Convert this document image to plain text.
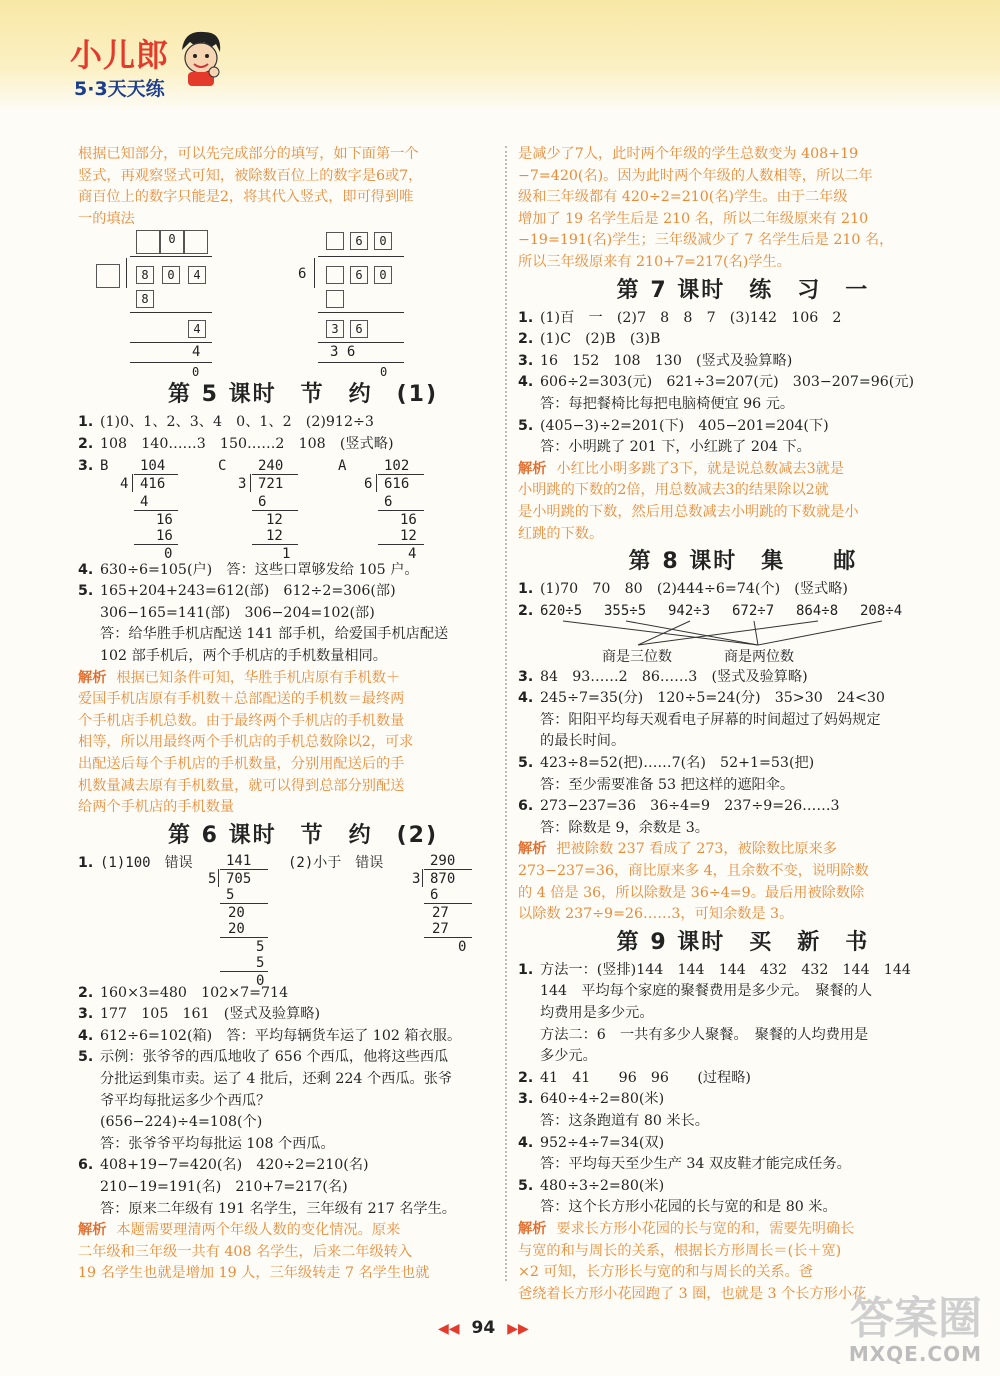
小儿郎
5·3天天练
根据已知部分，可以先完成部分的填写，如下面第一个
竖式，再观察竖式可知，被除数百位上的数字是6或7，
商百位上的数字只能是2，将其代入竖式，即可得到唯
一的填法
0
8	0	4
8
4
4
0
6	0
6	6	0
3	6
3 6
0
第 5 课时　节　约　(1)
1. (1)0、1、2、3、4　0、1、2　(2)912÷3
2. 108　140……3　150……2　108　(竖式略)
3. B 104
4 416
4
16
16
0
C 240
3 721
6
12
12
1
A	102
6 616
6
16
12
4
4. 630÷6=105(户)　答：这些口罩够发给 105 户。
5. 165+204+243=612(部)　612÷2=306(部)
306−165=141(部)　306−204=102(部)
答：给华胜手机店配送 141 部手机，给爱国手机店配送
102 部手机后，两个手机店的手机数量相同。
解析 根据已知条件可知，华胜手机店原有手机数＋
爱国手机店原有手机数＋总部配送的手机数＝最终两
个手机店手机总数。由于最终两个手机店的手机数量
相等，所以用最终两个手机店的手机总数除以2，可求
出配送后每个手机店的手机数量，分别用配送后的手
机数量减去原有手机数量，就可以得到总部分别配送
给两个手机店的手机数量
第 6 课时　节　约　(2)
1. (1)100　错误 141
5 705
5
20
20
5
5
0
(2)小于　错误	290
3 870
6
27
27
0
2. 160×3=480　102×7=714
3. 177　105　161　(竖式及验算略)
4. 612÷6=102(箱)　答：平均每辆货车运了 102 箱衣服。
5. 示例：张爷爷的西瓜地收了 656 个西瓜，他将这些西瓜
分批运到集市卖。运了 4 批后，还剩 224 个西瓜。张爷
爷平均每批运多少个西瓜？
(656−224)÷4=108(个)
答：张爷爷平均每批运 108 个西瓜。
6. 408+19−7=420(名)　420÷2=210(名)
210−19=191(名)　210+7=217(名)
答：原来二年级有 191 名学生，三年级有 217 名学生。
解析 本题需要理清两个年级人数的变化情况。原来
二年级和三年级一共有 408 名学生，后来二年级转入
19 名学生也就是增加 19 人，三年级转走 7 名学生也就
是减少了7人，此时两个年级的学生总数变为 408+19
−7=420(名)。因为此时两个年级的人数相等，所以二年
级和三年级都有 420÷2=210(名)学生。由于二年级
增加了 19 名学生后是 210 名，所以二年级原来有 210
−19=191(名)学生；三年级减少了 7 名学生后是 210 名，
所以三年级原来有 210+7=217(名)学生。
第 7 课时　练　习　一
1. (1)百　一　(2)7　8　8　7　(3)142　106　2
2. (1)C　(2)B　(3)B
3. 16　152　108　130　(竖式及验算略)
4. 606÷2=303(元)　621÷3=207(元)　303−207=96(元)
答：每把餐椅比每把电脑椅便宜 96 元。
5. (405−3)÷2=201(下)　405−201=204(下)
答：小明跳了 201 下，小红跳了 204 下。
解析 小红比小明多跳了3下，就是说总数减去3就是
小明跳的下数的2倍，用总数减去3的结果除以2就
是小明跳的下数，然后用总数减去小明跳的下数就是小
红跳的下数。
第 8 课时　集　　邮
1. (1)70　70　80　(2)444÷6=74(个)　(竖式略)
2. 620÷5 355÷5 942÷3 672÷7 864÷8 208÷4
商是三位数	商是两位数
3. 84　93……2　86……3　(竖式及验算略)
4. 245÷7=35(分)　120÷5=24(分)　35>30　24<30
答：阳阳平均每天观看电子屏幕的时间超过了妈妈规定
的最长时间。
5. 423÷8=52(把)……7(名)　52+1=53(把)
答：至少需要准备 53 把这样的遮阳伞。
6. 273−237=36　36÷4=9　237÷9=26……3
答：除数是 9，余数是 3。
解析 把被除数 237 看成了 273，被除数比原来多
273−237=36，商比原来多 4，且余数不变，说明除数
的 4 倍是 36，所以除数是 36÷4=9。最后用被除数除
以除数 237÷9=26……3，可知余数是 3。
第 9 课时　买　新　书
1. 方法一：(竖排)144　144　144　432　432　144　144
144　平均每个家庭的聚餐费用是多少元。　聚餐的人
均费用是多少元。
方法二：6　一共有多少人聚餐。　聚餐的人均费用是
多少元。
2. 41　41　　96　96　　(过程略)
3. 640÷4÷2=80(米)
答：这条跑道有 80 米长。
4. 952÷4÷7=34(双)
答：平均每天至少生产 34 双皮鞋才能完成任务。
5. 480÷3÷2=80(米)
答：这个长方形小花园的长与宽的和是 80 米。
解析 要求长方形小花园的长与宽的和，需要先明确长
与宽的和与周长的关系，根据长方形周长＝(长＋宽)
×2 可知，长方形长与宽的和与周长的关系。爸
爸绕着长方形小花园跑了 3 圈，也就是 3 个长方形小花
◀◀ 94 ▶▶	答案圈
MXQE.COM
